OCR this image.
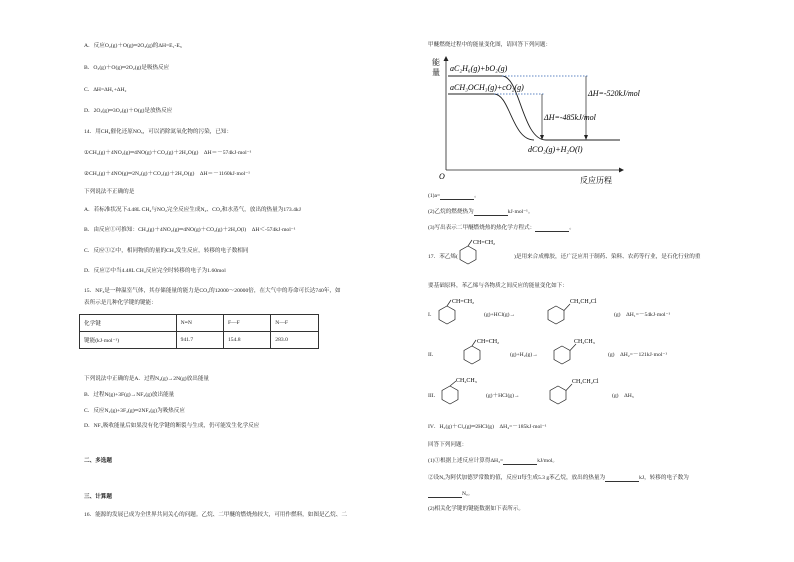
A．反应O₂(g)＋O(g)═2O₃(g)的ΔH=E₁-E₃
B．O₃(g)＋O(g)═2O₂(g)是吸热反应
C．ΔH=ΔH₁+ΔH₂
D．2O₃(g)═3O₂(g)＋O(g)是放热反应
14．用CH₄催化还原NOₓ，可以消除氮氧化物的污染，已知：
①CH₄(g)＋4NO₂(g)═4NO(g)＋CO₂(g)＋2H₂O(g)　ΔH＝－574kJ·mol⁻¹
②CH₄(g)＋4NO(g)═2N₂(g)＋CO₂(g)＋2H₂O(g)　ΔH＝－1160kJ·mol⁻¹
下列说法不正确的是
A．若标准状况下4.48L CH₄与NO₂完全反应生成N₂、CO₂和水蒸气，放出的热量为173.4kJ
B．由反应①可推知：CH₄(g)＋4NO₂(g)═4NO(g)＋CO₂(g)＋2H₂O(l)　ΔH＜-574kJ·mol⁻¹
C．反应①②中，相同物质的量的CH₄发生反应，转移的电子数相同
D．反应②中当4.48L CH₄反应完全时转移的电子为1.60mol
15．NF₃是一种温室气体，其存储能量的能力是CO₂的12000～20000倍，在大气中的寿命可长达740年，如
表所示是几种化学键的键能：
化学键	N≡N	F—F	N—F
键能(kJ·mol⁻¹)	941.7	154.8	283.0
下列说法中正确的是A．过程N₂(g)→2N(g)放出能量
B．过程N(g)+3F(g)→NF₃(g)放出能量
C．反应N₂(g)+3F₂(g)═2NF₃(g)为吸热反应
D．NF₃吸收能量后如果没有化学键的断裂与生成，仍可能发生化学反应
二、多选题
三、计算题
16．能源的发展已成为全世界共同关心的问题。乙烷、二甲醚的燃烧热较大，可用作燃料，如图是乙烷、二
甲醚燃烧过程中的能量变化图，请回答下列问题：
能
量 aC₂H₆(g)+bO₂(g)
aCH₃OCH₃(g)+cO₂(g)
ΔH=-520kJ/mol
ΔH=-485kJ/mol
dCO₂(g)+H₂O(l)
O	反应历程
(1)a=	。
(2)乙烷的燃烧热为	kJ·mol⁻¹。
(3)写出表示二甲醚燃烧热的热化学方程式：	。
17．苯乙烯(
CH=CH₂
)是用来合成橡胶，还广泛应用于制药、染料、农药等行业，是石化行业的重
要基础原料，苯乙烯与各物质之间反应的能量变化如下：
I．
CH=CH₂
(g)+HCl(g)→
CH₂CH₂Cl
(g)　ΔH₁=－54kJ·mol⁻¹
II．
CH=CH₂
(g)+H₂(g)→
CH₂CH₃
(g)　ΔH₂=－121kJ·mol⁻¹
III．
CH₂CH₃
(g)＋HCl(g)→
CH₂CH₂Cl
(g)　ΔH₃
IV．H₂(g)＋Cl₂(g)═2HCl(g)　ΔH₄=－185kJ·mol⁻¹
回答下列问题：
(1)①根据上述反应计算得ΔH₃=	kJ/mol。
②设Nₐ为阿伏加德罗常数的值，反应II每生成5.3 g苯乙烷，放出的热量为	kJ，转移的电子数为
Nₐ。
(2)相关化学键的键能数据如下表所示。
